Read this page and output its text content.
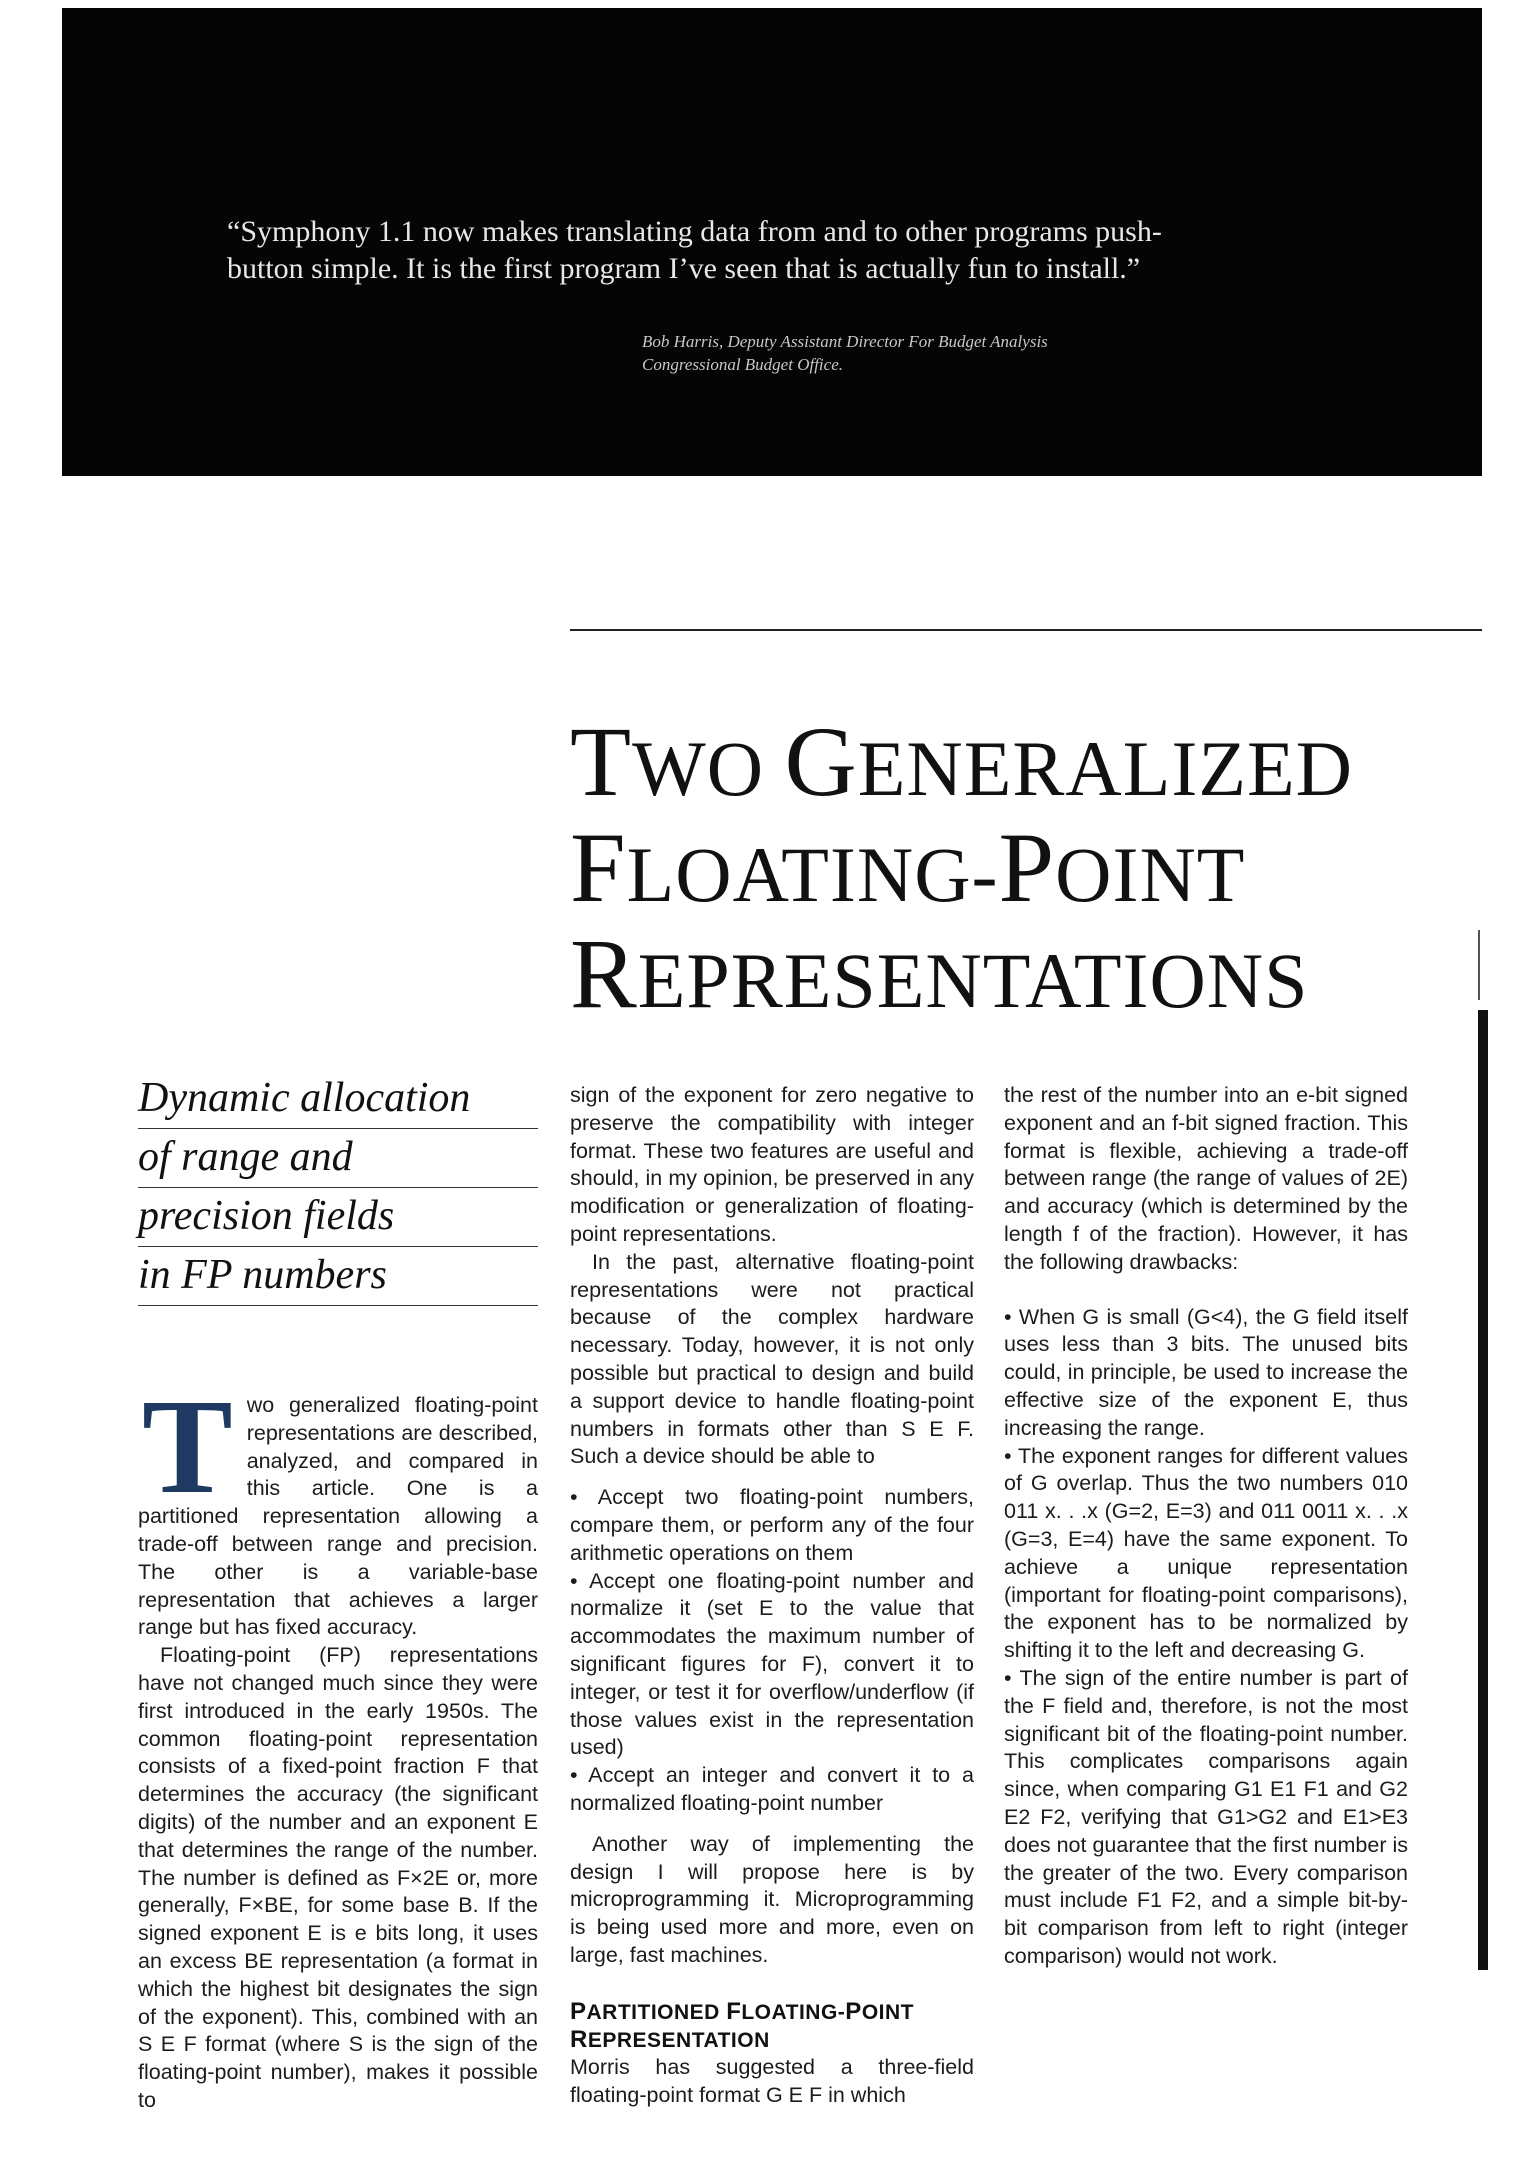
“Symphony 1.1 now makes translating data from and to other programs push-button simple. It is the first program I’ve seen that is actually fun to install.”

Bob Harris, Deputy Assistant Director For Budget Analysis
Congressional Budget Office.
TWO GENERALIZED
FLOATING-POINT
REPRESENTATIONS
Dynamic allocation
of range and
precision fields
in FP numbers
T wo generalized floating-point representations are described, analyzed, and compared in this article. One is a partitioned representation allowing a trade-off between range and precision. The other is a variable-base representation that achieves a larger range but has fixed accuracy.

Floating-point (FP) representations have not changed much since they were first introduced in the early 1950s. The common floating-point representation consists of a fixed-point fraction F that determines the accuracy (the significant digits) of the number and an exponent E that determines the range of the number. The number is defined as F×2E or, more generally, F×BE, for some base B. If the signed exponent E is e bits long, it uses an excess BE representation (a format in which the highest bit designates the sign of the exponent). This, combined with an S E F format (where S is the sign of the floating-point number), makes it possible to

sign of the exponent for zero negative to preserve the compatibility with integer format. These two features are useful and should, in my opinion, be preserved in any modification or generalization of floating-point representations.

In the past, alternative floating-point representations were not practical because of the complex hardware necessary. Today, however, it is not only possible but practical to design and build a support device to handle floating-point numbers in formats other than S E F. Such a device should be able to

• Accept two floating-point numbers, compare them, or perform any of the four arithmetic operations on them

• Accept one floating-point number and normalize it (set E to the value that accommodates the maximum number of significant figures for F), convert it to integer, or test it for overflow/underflow (if those values exist in the representation used)

• Accept an integer and convert it to a normalized floating-point number

Another way of implementing the design I will propose here is by microprogramming it. Microprogramming is being used more and more, even on large, fast machines.

PARTITIONED FLOATING-POINT
REPRESENTATION

Morris has suggested a three-field floating-point format G E F in which

the rest of the number into an e-bit signed exponent and an f-bit signed fraction. This format is flexible, achieving a trade-off between range (the range of values of 2E) and accuracy (which is determined by the length f of the fraction). However, it has the following drawbacks:

• When G is small (G<4), the G field itself uses less than 3 bits. The unused bits could, in principle, be used to increase the effective size of the exponent E, thus increasing the range.

• The exponent ranges for different values of G overlap. Thus the two numbers 010 011 x. . .x (G=2, E=3) and 011 0011 x. . .x (G=3, E=4) have the same exponent. To achieve a unique representation (important for floating-point comparisons), the exponent has to be normalized by shifting it to the left and decreasing G.

• The sign of the entire number is part of the F field and, therefore, is not the most significant bit of the floating-point number. This complicates comparisons again since, when comparing G1 E1 F1 and G2 E2 F2, verifying that G1>G2 and E1>E3 does not guarantee that the first number is the greater of the two. Every comparison must include F1 F2, and a simple bit-by-bit comparison from left to right (integer comparison) would not work.
